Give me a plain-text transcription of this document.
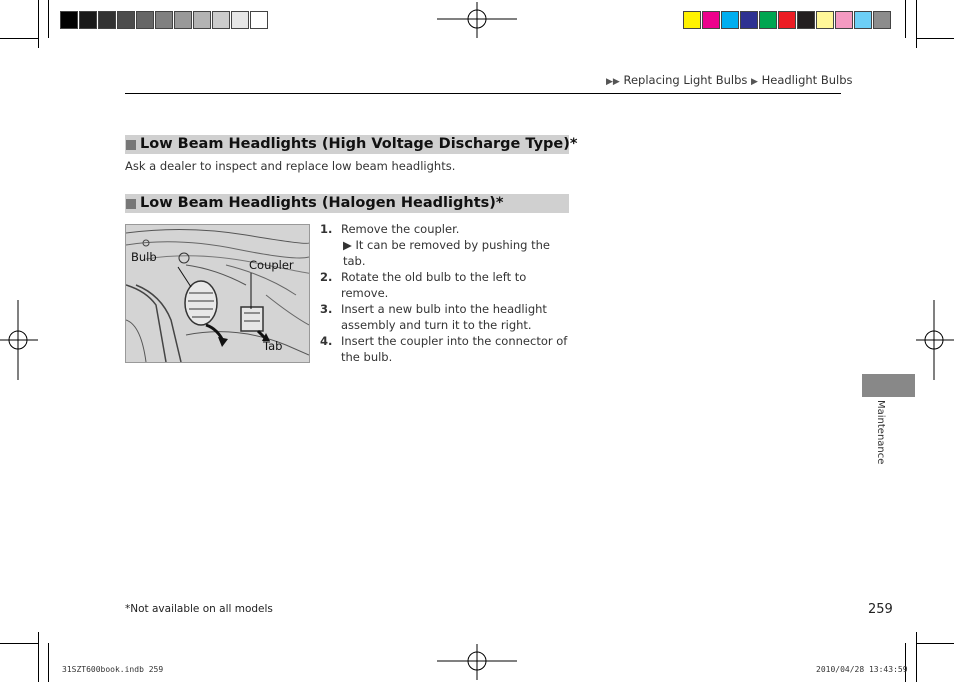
▶▶ Replacing Light Bulbs ▶ Headlight Bulbs
Low Beam Headlights (High Voltage Discharge Type)*
Ask a dealer to inspect and replace low beam headlights.
Low Beam Headlights (Halogen Headlights)*
Bulb
Coupler
Tab
1. Remove the coupler.
▶ It can be removed by pushing the tab.
2. Rotate the old bulb to the left to remove.
3. Insert a new bulb into the headlight assembly and turn it to the right.
4. Insert the coupler into the connector of the bulb.
Maintenance
*Not available on all models	259
31SZT600book.indb 259	2010/04/28 13:43:59
